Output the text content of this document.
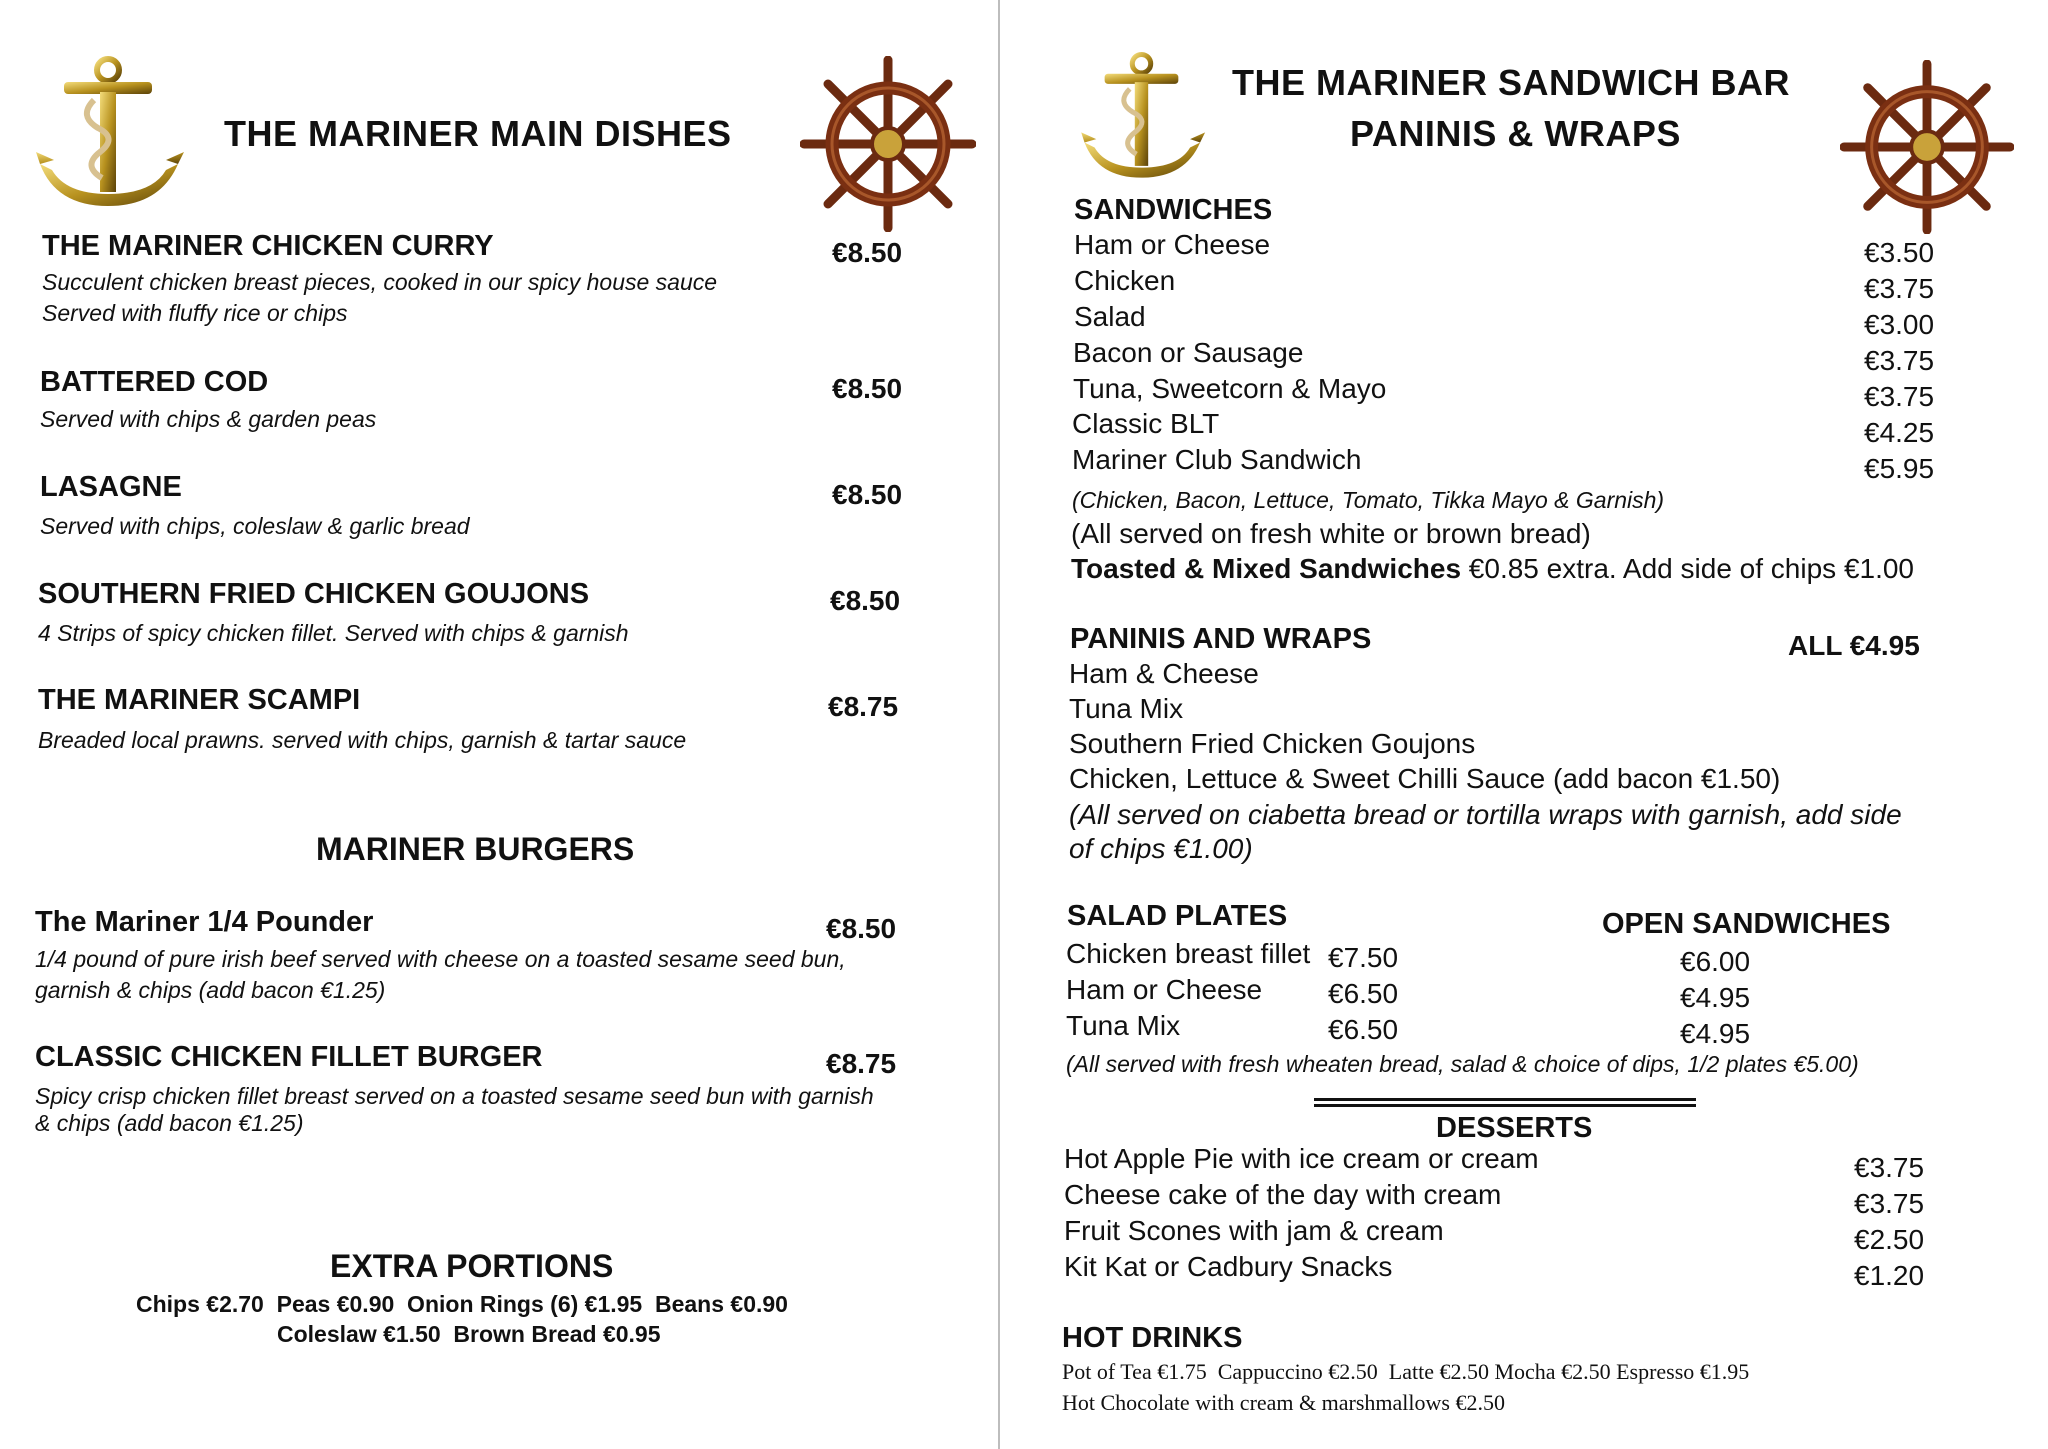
THE MARINER MAIN DISHES
THE MARINER CHICKEN CURRY	€8.50
Succulent chicken breast pieces, cooked in our spicy house sauce
Served with fluffy rice or chips
BATTERED COD	€8.50
Served with chips & garden peas
LASAGNE	€8.50
Served with chips, coleslaw & garlic bread
SOUTHERN FRIED CHICKEN GOUJONS	€8.50
4 Strips of spicy chicken fillet. Served with chips & garnish
THE MARINER SCAMPI	€8.75
Breaded local prawns. served with chips, garnish & tartar sauce
MARINER BURGERS
The Mariner 1/4 Pounder	€8.50
1/4 pound of pure irish beef served with cheese on a toasted sesame seed bun,
garnish & chips (add bacon €1.25)
CLASSIC CHICKEN FILLET BURGER	€8.75
Spicy crisp chicken fillet breast served on a toasted sesame seed bun with garnish
& chips (add bacon €1.25)
EXTRA PORTIONS
Chips €2.70  Peas €0.90  Onion Rings (6) €1.95  Beans €0.90
Coleslaw €1.50  Brown Bread €0.95
THE MARINER SANDWICH BAR
PANINIS & WRAPS
SANDWICHES
Ham or Cheese	€3.50
Chicken	€3.75
Salad	€3.00
Bacon or Sausage	€3.75
Tuna, Sweetcorn & Mayo	€3.75
Classic BLT	€4.25
Mariner Club Sandwich	€5.95
(Chicken, Bacon, Lettuce, Tomato, Tikka Mayo & Garnish)
(All served on fresh white or brown bread)
Toasted & Mixed Sandwiches €0.85 extra. Add side of chips €1.00
PANINIS AND WRAPS	ALL €4.95
Ham & Cheese
Tuna Mix
Southern Fried Chicken Goujons
Chicken, Lettuce & Sweet Chilli Sauce (add bacon €1.50)
(All served on ciabetta bread or tortilla wraps with garnish, add side
of chips €1.00)
SALAD PLATES	OPEN SANDWICHES
Chicken breast fillet €7.50	€6.00
Ham or Cheese €6.50	€4.95
Tuna Mix	€6.50	€4.95
(All served with fresh wheaten bread, salad & choice of dips, 1/2 plates €5.00)
DESSERTS
Hot Apple Pie with ice cream or cream	€3.75
Cheese cake of the day with cream	€3.75
Fruit Scones with jam & cream	€2.50
Kit Kat or Cadbury Snacks	€1.20
HOT DRINKS
Pot of Tea €1.75  Cappuccino €2.50  Latte €2.50 Mocha €2.50 Espresso €1.95
Hot Chocolate with cream & marshmallows €2.50
